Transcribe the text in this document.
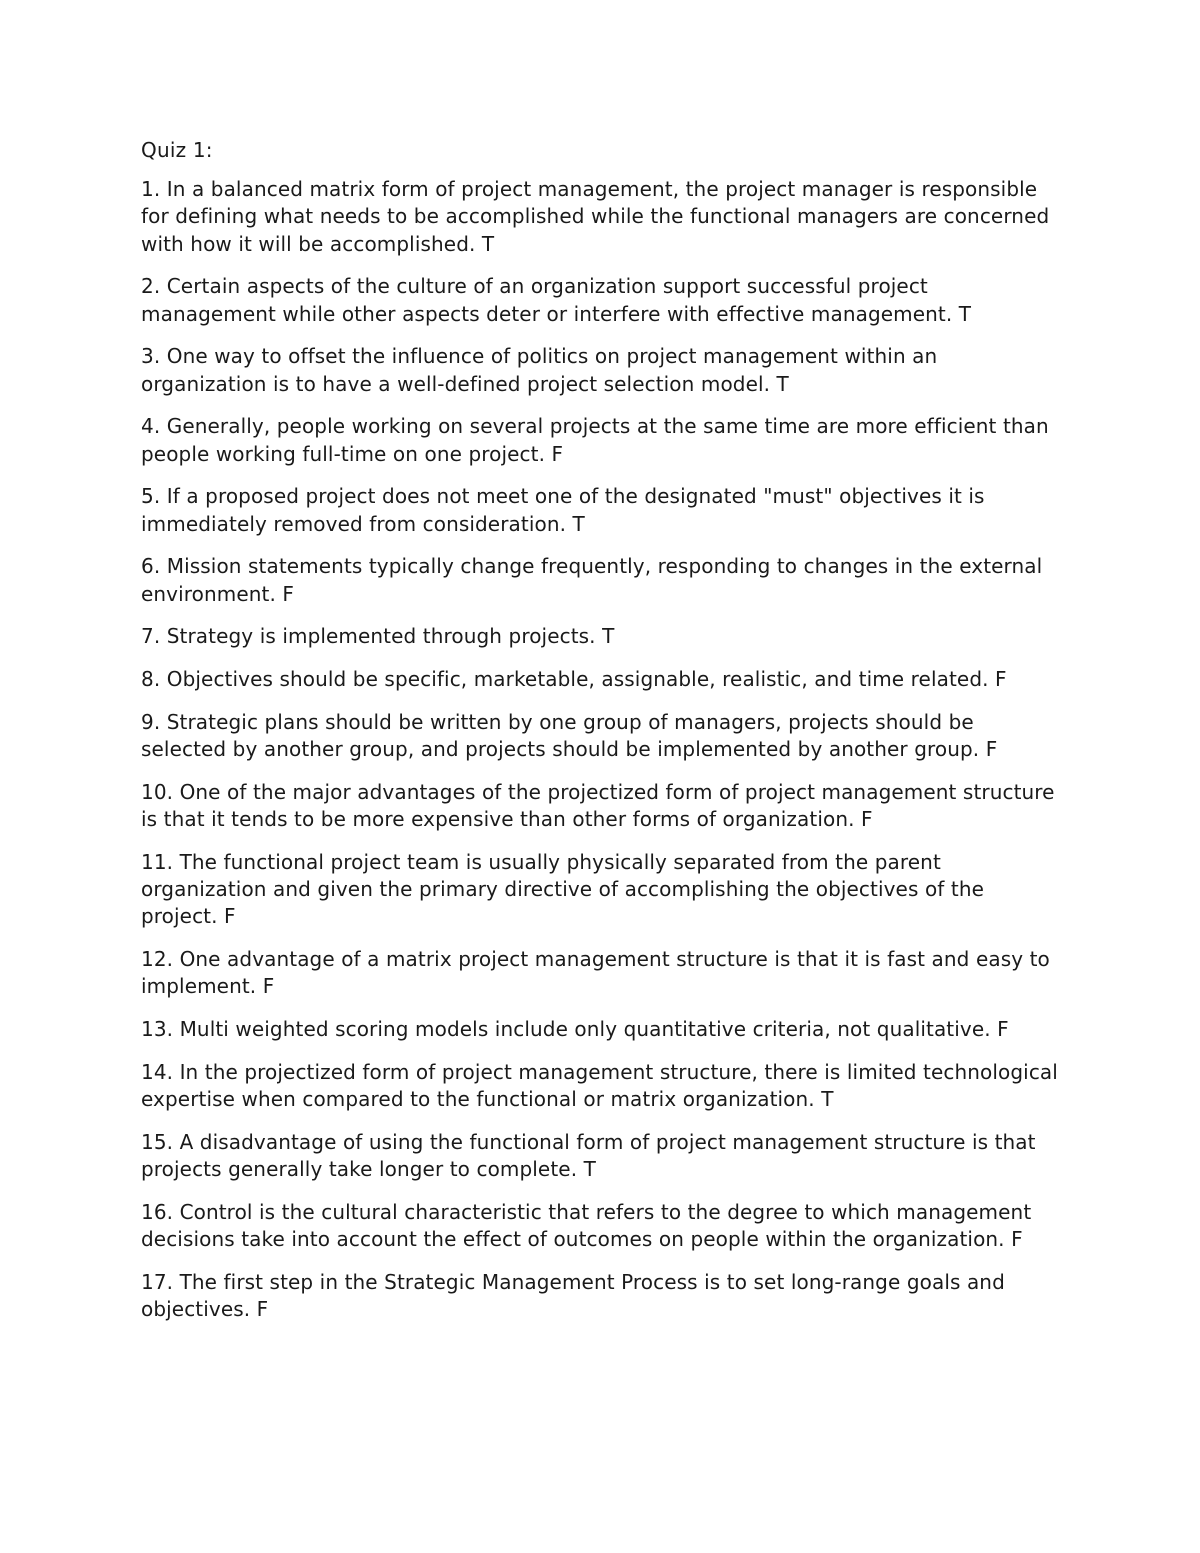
Quiz 1:

1. In a balanced matrix form of project management, the project manager is responsible for defining what needs to be accomplished while the functional managers are concerned with how it will be accomplished. T

2. Certain aspects of the culture of an organization support successful project management while other aspects deter or interfere with effective management. T

3. One way to offset the influence of politics on project management within an organization is to have a well-defined project selection model. T

4. Generally, people working on several projects at the same time are more efficient than people working full-time on one project. F

5. If a proposed project does not meet one of the designated "must" objectives it is immediately removed from consideration. T

6. Mission statements typically change frequently, responding to changes in the external environment. F

7. Strategy is implemented through projects. T

8. Objectives should be specific, marketable, assignable, realistic, and time related. F

9. Strategic plans should be written by one group of managers, projects should be selected by another group, and projects should be implemented by another group. F

10. One of the major advantages of the projectized form of project management structure is that it tends to be more expensive than other forms of organization. F

11. The functional project team is usually physically separated from the parent organization and given the primary directive of accomplishing the objectives of the project. F

12. One advantage of a matrix project management structure is that it is fast and easy to implement. F

13. Multi weighted scoring models include only quantitative criteria, not qualitative. F

14. In the projectized form of project management structure, there is limited technological expertise when compared to the functional or matrix organization. T

15. A disadvantage of using the functional form of project management structure is that projects generally take longer to complete. T

16. Control is the cultural characteristic that refers to the degree to which management decisions take into account the effect of outcomes on people within the organization. F

17. The first step in the Strategic Management Process is to set long-range goals and objectives. F
